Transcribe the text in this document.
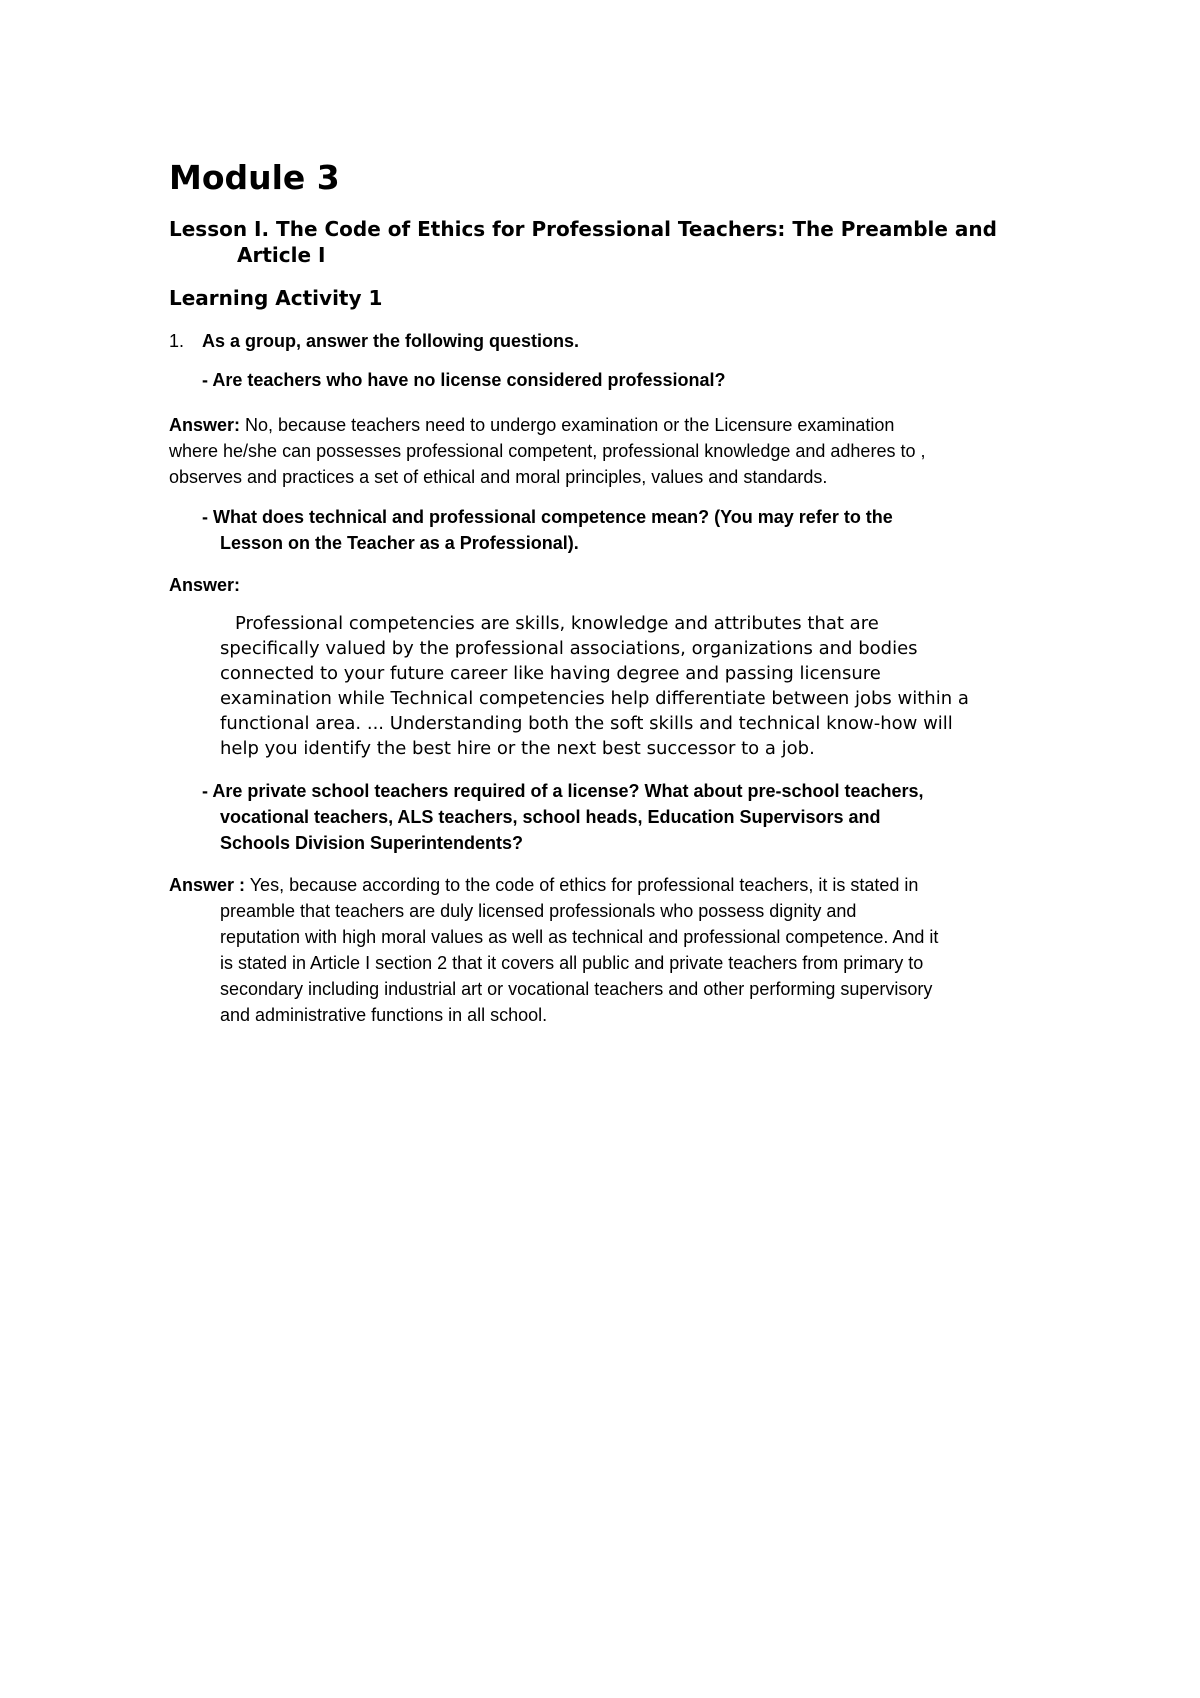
Module 3
Lesson I. The Code of Ethics for Professional Teachers: The Preamble and
Article I
Learning Activity 1
1. As a group, answer the following questions.
- Are teachers who have no license considered professional?
Answer: No, because teachers need to undergo examination or the Licensure examination
where he/she can possesses professional competent, professional knowledge and adheres to ,
observes and practices a set of ethical and moral principles, values and standards.
- What does technical and professional competence mean? (You may refer to the
Lesson on the Teacher as a Professional).
Answer:
Professional competencies are skills, knowledge and attributes that are
specifically valued by the professional associations, organizations and bodies
connected to your future career like having degree and passing licensure
examination while Technical competencies help differentiate between jobs within a
functional area. ... Understanding both the soft skills and technical know-how will
help you identify the best hire or the next best successor to a job.
- Are private school teachers required of a license? What about pre-school teachers,
vocational teachers, ALS teachers, school heads, Education Supervisors and
Schools Division Superintendents?
Answer : Yes, because according to the code of ethics for professional teachers, it is stated in
preamble that teachers are duly licensed professionals who possess dignity and
reputation with high moral values as well as technical and professional competence. And it
is stated in Article I section 2 that it covers all public and private teachers from primary to
secondary including industrial art or vocational teachers and other performing supervisory
and administrative functions in all school.
